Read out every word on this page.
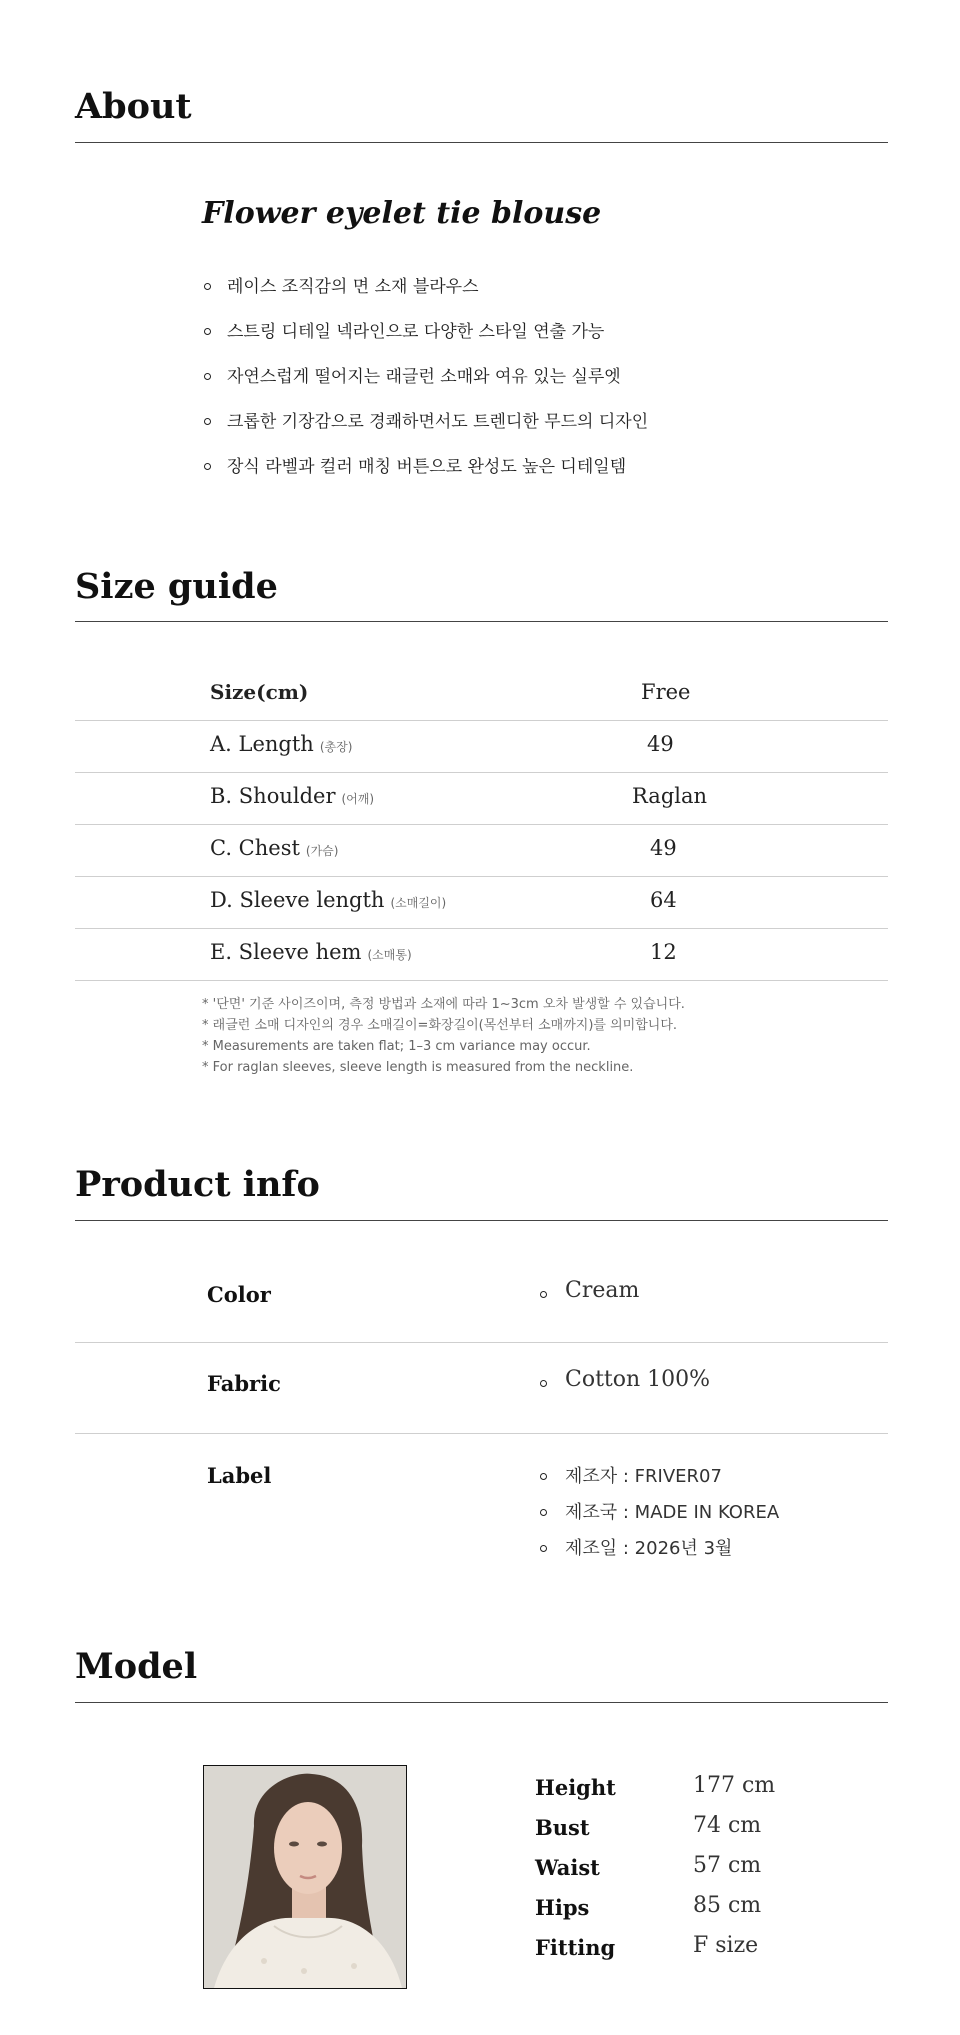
About
Flower eyelet tie blouse
레이스 조직감의 면 소재 블라우스
스트링 디테일 넥라인으로 다양한 스타일 연출 가능
자연스럽게 떨어지는 래글런 소매와 여유 있는 실루엣
크롭한 기장감으로 경쾌하면서도 트렌디한 무드의 디자인
장식 라벨과 컬러 매칭 버튼으로 완성도 높은 디테일템
Size guide
Size(cm)	Free
A. Length (총장)	49
B. Shoulder (어깨)	Raglan
C. Chest (가슴)	49
D. Sleeve length (소매길이)	64
E. Sleeve hem (소매통)	12
* '단면' 기준 사이즈이며, 측정 방법과 소재에 따라 1~3cm 오차 발생할 수 있습니다.
* 래글런 소매 디자인의 경우 소매길이=화장길이(목선부터 소매까지)를 의미합니다.
* Measurements are taken flat; 1–3 cm variance may occur.
* For raglan sleeves, sleeve length is measured from the neckline.
Product info
Color	Cream
Fabric	Cotton 100%
Label	제조자 : FRIVER07
제조국 : MADE IN KOREA
제조일 : 2026년 3월
Model
Height	177 cm
Bust	74 cm
Waist	57 cm
Hips	85 cm
Fitting	F size
